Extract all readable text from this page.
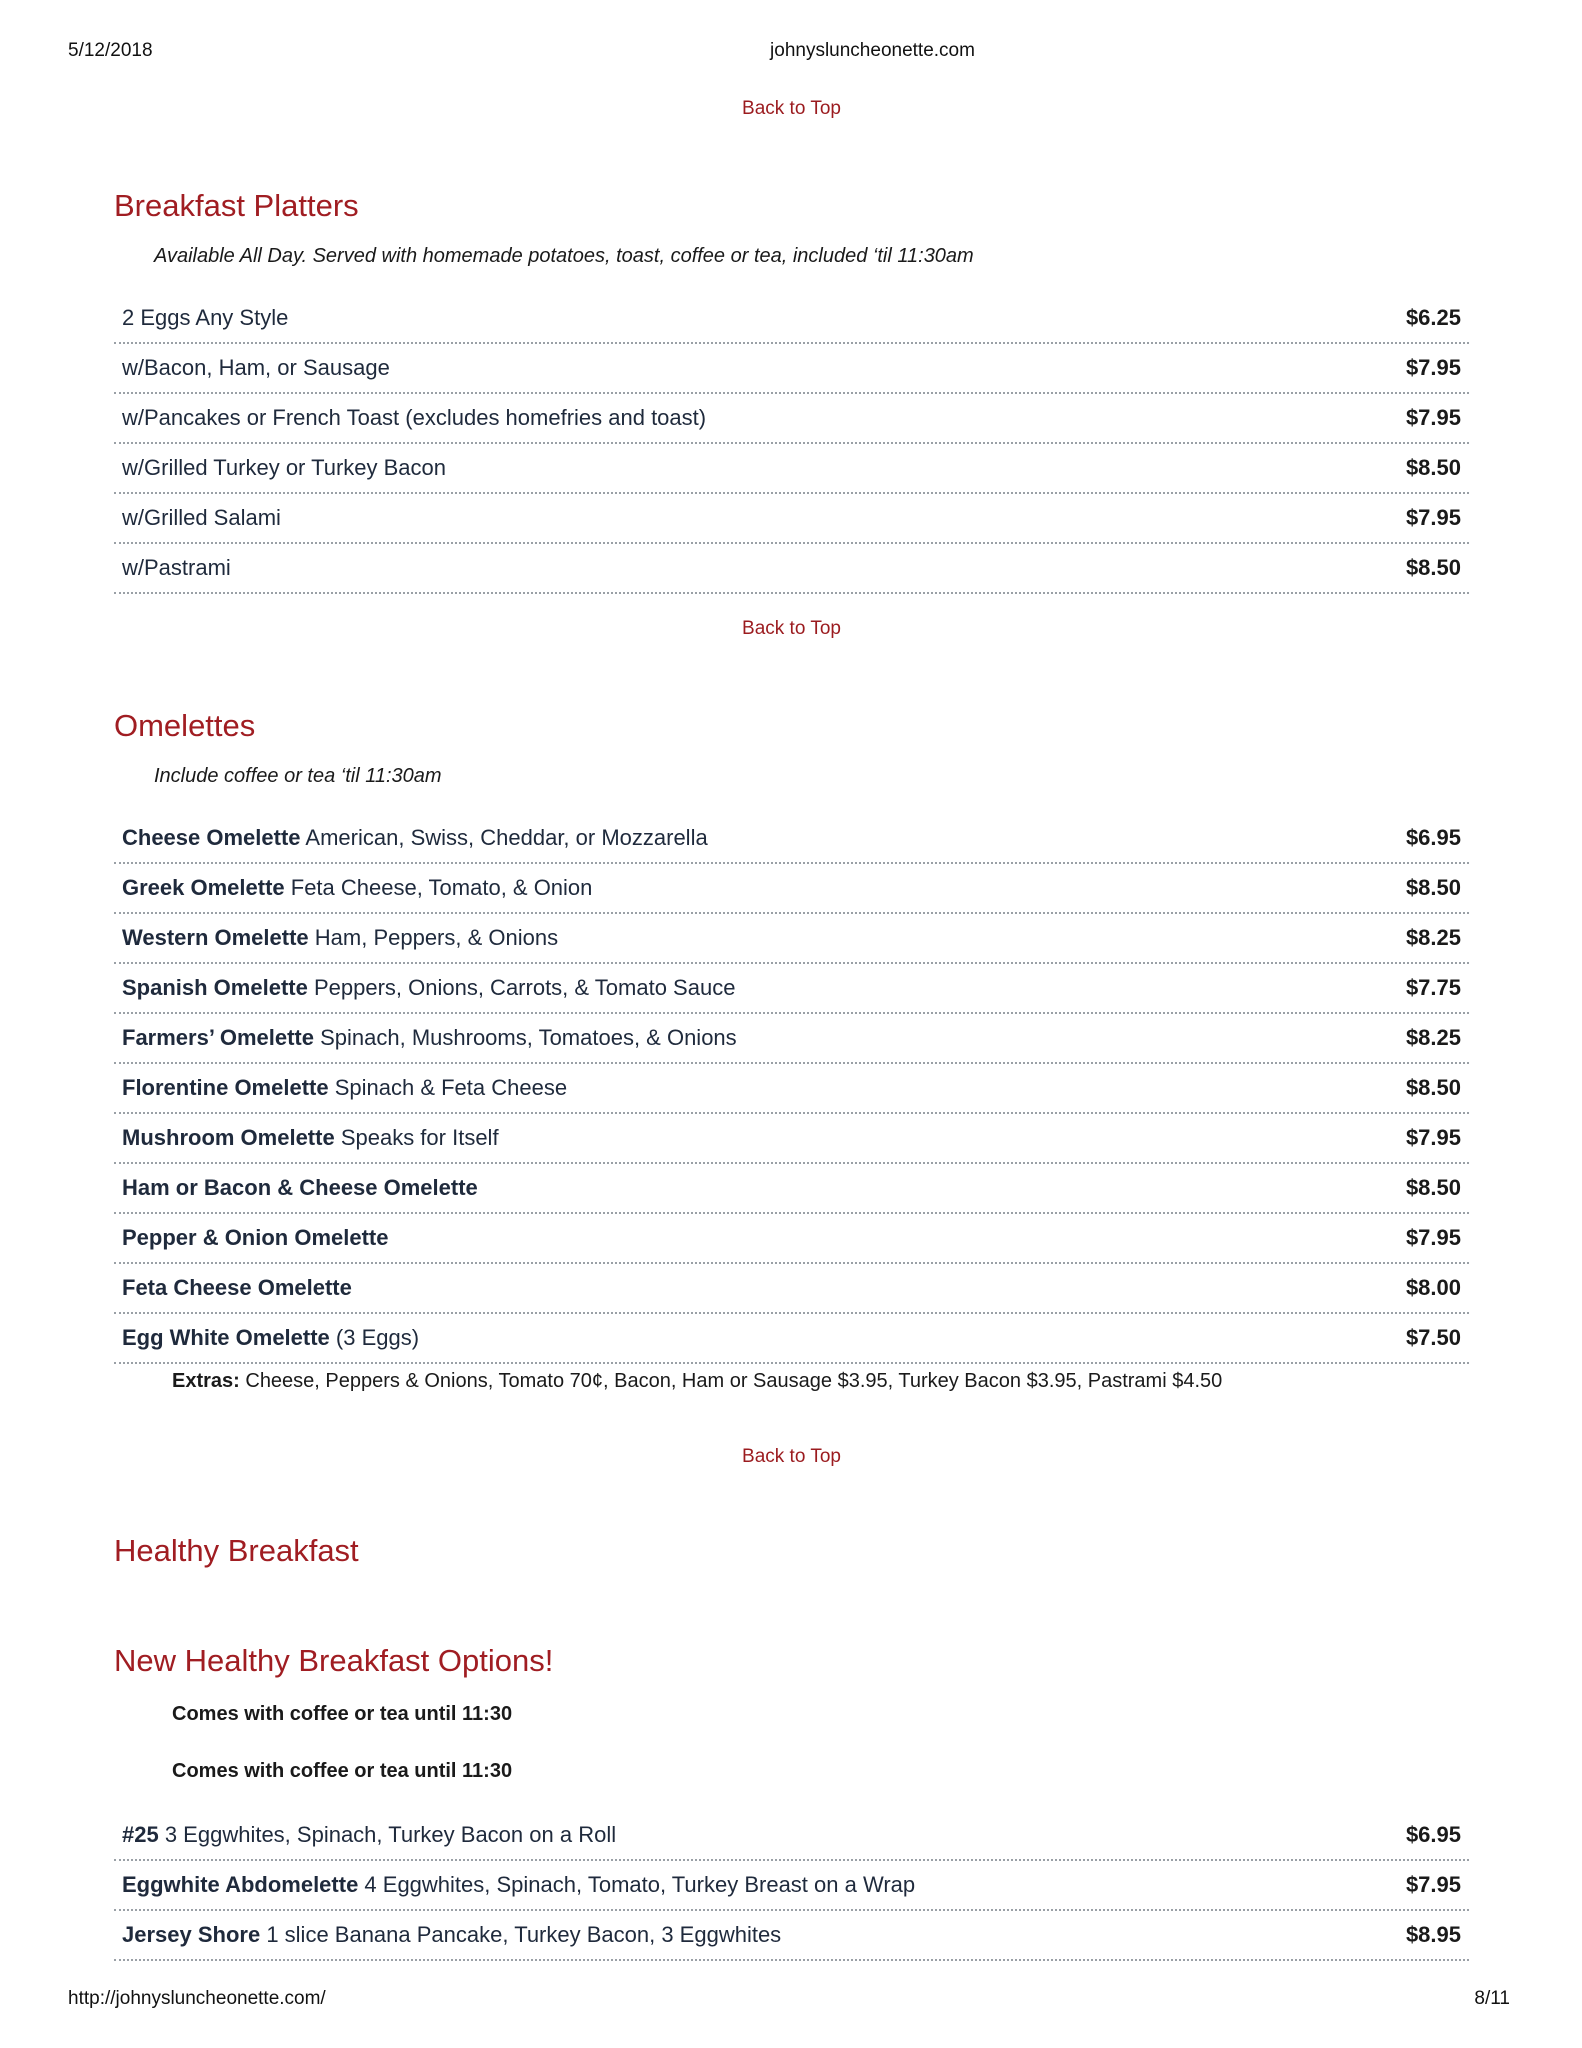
5/12/2018	johnysluncheonette.com
Back to Top
Breakfast Platters
Available All Day. Served with homemade potatoes, toast, coffee or tea, included ‘til 11:30am
2 Eggs Any Style	$6.25
w/Bacon, Ham, or Sausage	$7.95
w/Pancakes or French Toast (excludes homefries and toast)	$7.95
w/Grilled Turkey or Turkey Bacon	$8.50
w/Grilled Salami	$7.95
w/Pastrami	$8.50
Back to Top
Omelettes
Include coffee or tea ‘til 11:30am
Cheese Omelette American, Swiss, Cheddar, or Mozzarella	$6.95
Greek Omelette Feta Cheese, Tomato, & Onion	$8.50
Western Omelette Ham, Peppers, & Onions	$8.25
Spanish Omelette Peppers, Onions, Carrots, & Tomato Sauce	$7.75
Farmers’ Omelette Spinach, Mushrooms, Tomatoes, & Onions	$8.25
Florentine Omelette Spinach & Feta Cheese	$8.50
Mushroom Omelette Speaks for Itself	$7.95
Ham or Bacon & Cheese Omelette	$8.50
Pepper & Onion Omelette	$7.95
Feta Cheese Omelette	$8.00
Egg White Omelette (3 Eggs)	$7.50
Extras: Cheese, Peppers & Onions, Tomato 70¢, Bacon, Ham or Sausage $3.95, Turkey Bacon $3.95, Pastrami $4.50
Back to Top
Healthy Breakfast
New Healthy Breakfast Options!
Comes with coffee or tea until 11:30
Comes with coffee or tea until 11:30
#25 3 Eggwhites, Spinach, Turkey Bacon on a Roll	$6.95
Eggwhite Abdomelette 4 Eggwhites, Spinach, Tomato, Turkey Breast on a Wrap	$7.95
Jersey Shore 1 slice Banana Pancake, Turkey Bacon, 3 Eggwhites	$8.95
http://johnysluncheonette.com/	8/11
